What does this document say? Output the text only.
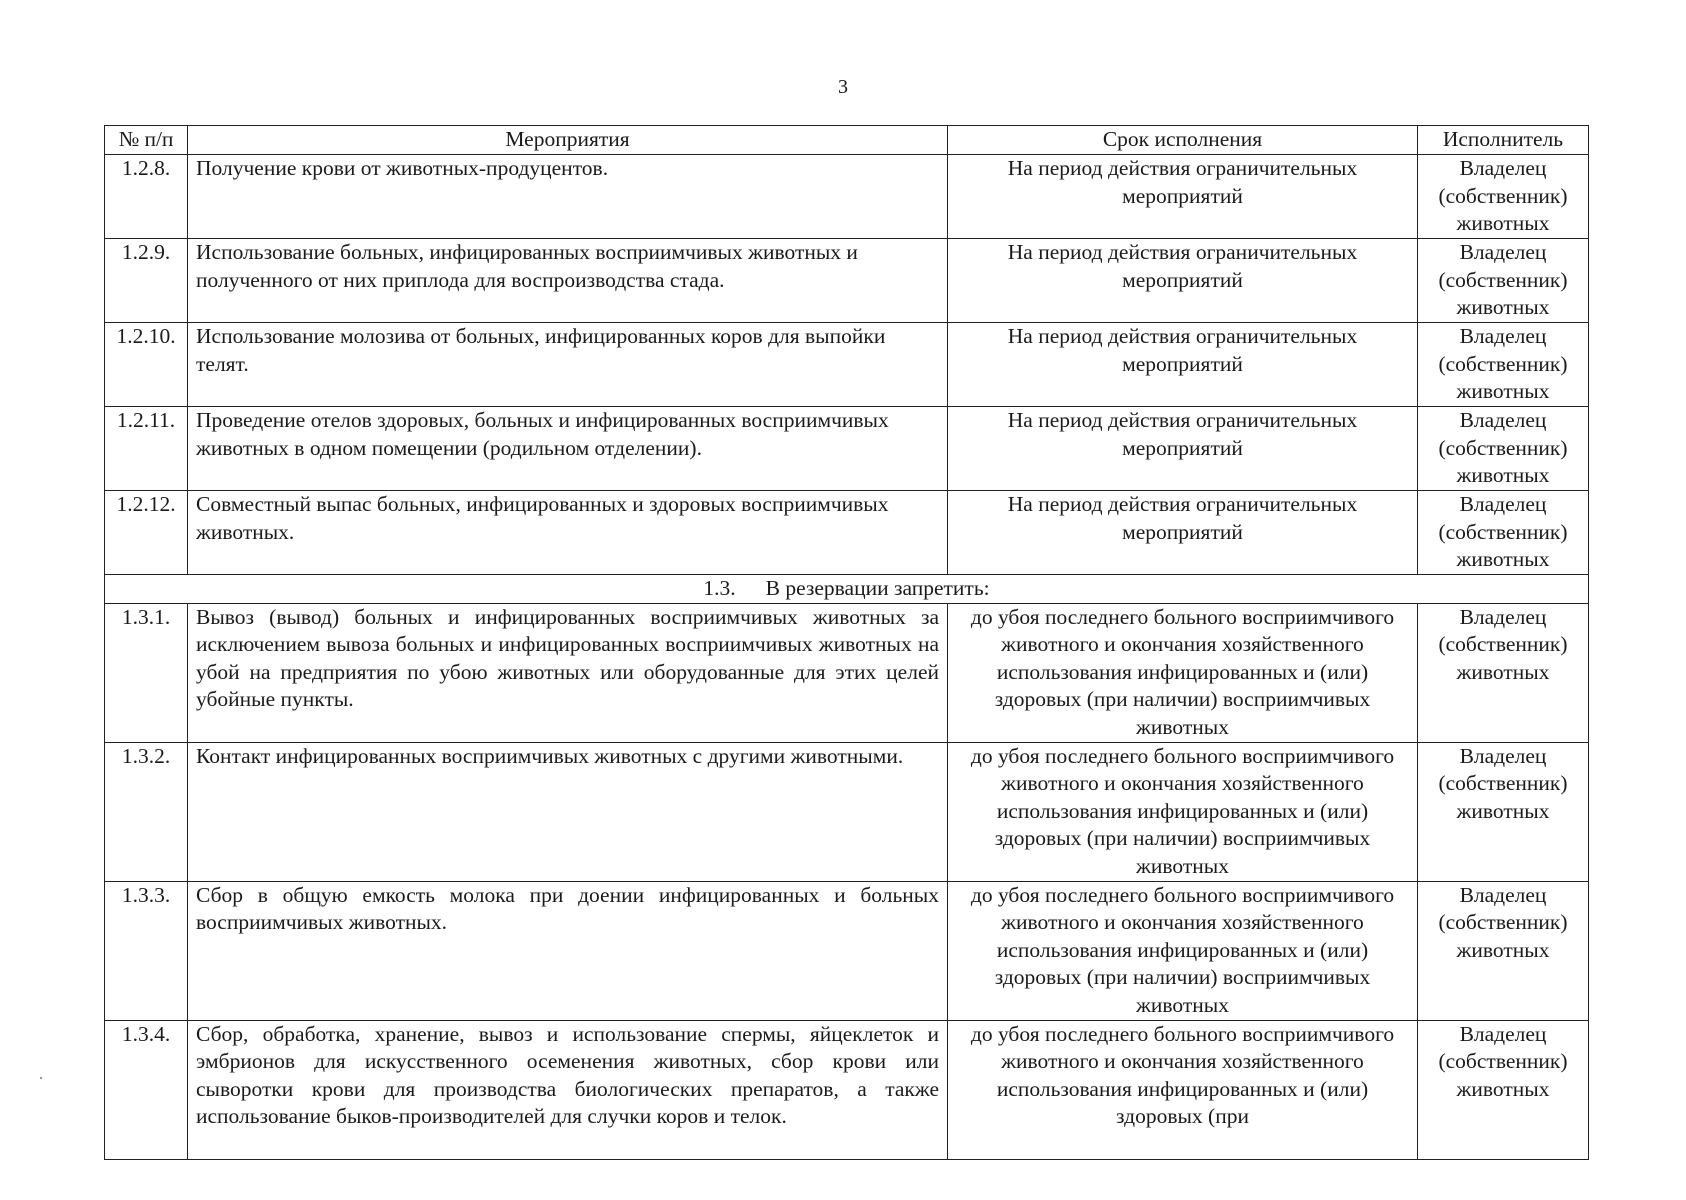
3
№ п/п	Мероприятия	Срок исполнения	Исполнитель
1.2.8.	Получение крови от животных-продуцентов.	На период действия ограничительных мероприятий	Владелец (собственник) животных
1.2.9.	Использование больных, инфицированных восприимчивых животных и полученного от них приплода для воспроизводства стада.	На период действия ограничительных мероприятий	Владелец (собственник) животных
1.2.10.	Использование молозива от больных, инфицированных коров для выпойки телят.	На период действия ограничительных мероприятий	Владелец (собственник) животных
1.2.11.	Проведение отелов здоровых, больных и инфицированных восприимчивых животных в одном помещении (родильном отделении).	На период действия ограничительных мероприятий	Владелец (собственник) животных
1.2.12.	Совместный выпас больных, инфицированных и здоровых восприимчивых животных.	На период действия ограничительных мероприятий	Владелец (собственник) животных
1.3. В резервации запретить:			
1.3.1.	Вывоз (вывод) больных и инфицированных восприимчивых животных за исключением вывоза больных и инфицированных восприимчивых животных на убой на предприятия по убою животных или оборудованные для этих целей убойные пункты.	до убоя последнего больного восприимчивого животного и окончания хозяйственного использования инфицированных и (или) здоровых (при наличии) восприимчивых животных	Владелец (собственник) животных
1.3.2.	Контакт инфицированных восприимчивых животных с другими животными.	до убоя последнего больного восприимчивого животного и окончания хозяйственного использования инфицированных и (или) здоровых (при наличии) восприимчивых животных	Владелец (собственник) животных
1.3.3.	Сбор в общую емкость молока при доении инфицированных и больных восприимчивых животных.	до убоя последнего больного восприимчивого животного и окончания хозяйственного использования инфицированных и (или) здоровых (при наличии) восприимчивых животных	Владелец (собственник) животных
1.3.4.	Сбор, обработка, хранение, вывоз и использование спермы, яйцеклеток и эмбрионов для искусственного осеменения животных, сбор крови или сыворотки крови для производства биологических препаратов, а также использование быков-производителей для случки коров и телок.	до убоя последнего больного восприимчивого животного и окончания хозяйственного использования инфицированных и (или) здоровых (при	Владелец (собственник) животных
